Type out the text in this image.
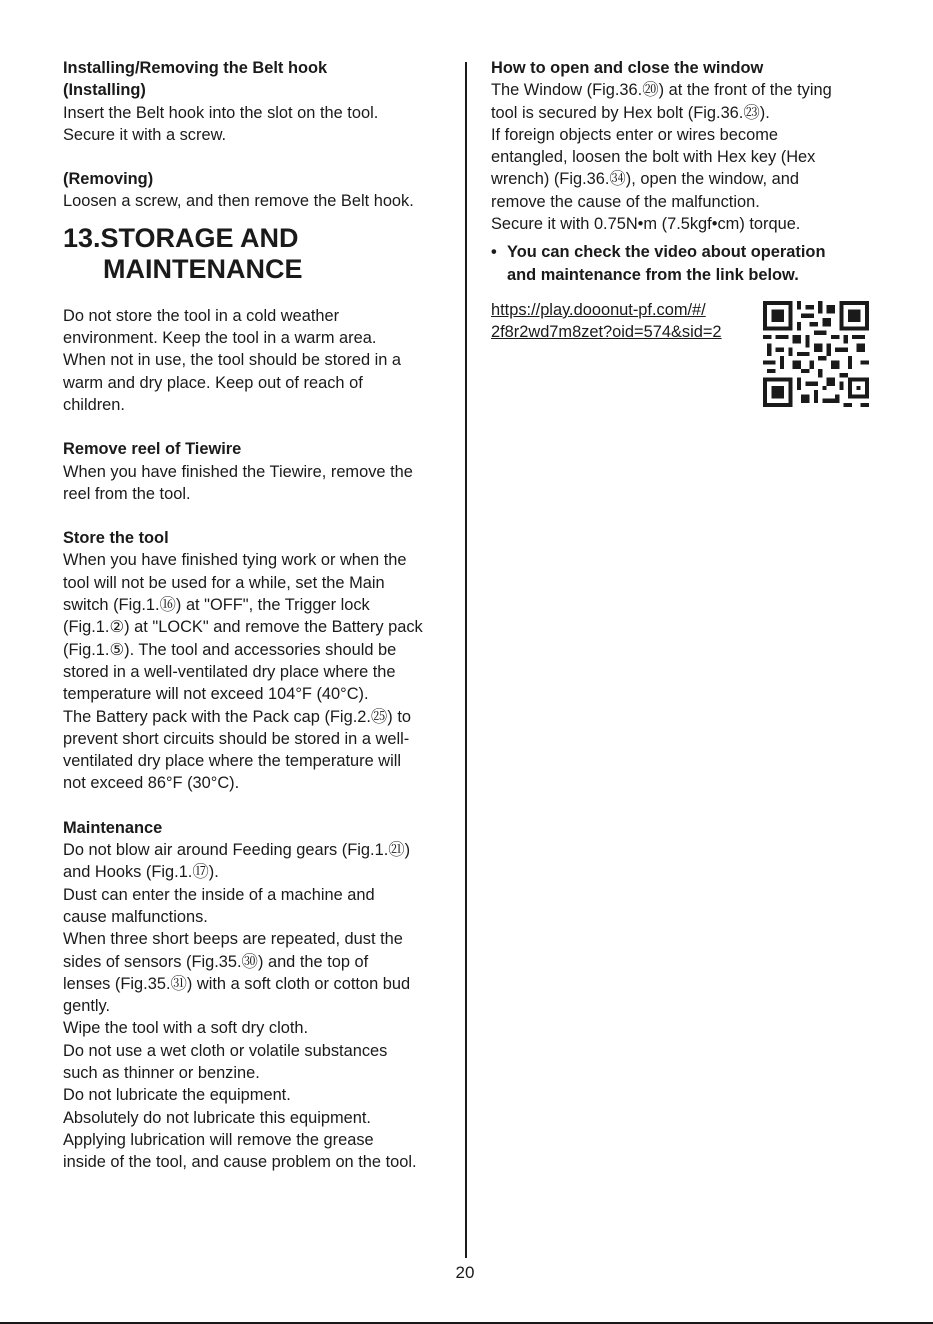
Installing/Removing the Belt hook

(Installing)

Insert the Belt hook into the slot on the tool.

Secure it with a screw.

(Removing)

Loosen a screw, and then remove the Belt hook.

13.STORAGE AND
MAINTENANCE

Do not store the tool in a cold weather

environment. Keep the tool in a warm area.

When not in use, the tool should be stored in a

warm and dry place. Keep out of reach of

children.

Remove reel of Tiewire

When you have finished the Tiewire, remove the

reel from the tool.

Store the tool

When you have finished tying work or when the

tool will not be used for a while, set the Main

switch (Fig.1.⑯) at "OFF", the Trigger lock

(Fig.1.②) at "LOCK" and remove the Battery pack

(Fig.1.⑤). The tool and accessories should be

stored in a well-ventilated dry place where the

temperature will not exceed 104°F (40°C).

The Battery pack with the Pack cap (Fig.2.㉕) to

prevent short circuits should be stored in a well-

ventilated dry place where the temperature will

not exceed 86°F (30°C).

Maintenance

Do not blow air around Feeding gears (Fig.1.㉑)

and Hooks (Fig.1.⑰).

Dust can enter the inside of a machine and

cause malfunctions.

When three short beeps are repeated, dust the

sides of sensors (Fig.35.㉚) and the top of

lenses (Fig.35.㉛) with a soft cloth or cotton bud

gently.

Wipe the tool with a soft dry cloth.

Do not use a wet cloth or volatile substances

such as thinner or benzine.

Do not lubricate the equipment.

Absolutely do not lubricate this equipment.

Applying lubrication will remove the grease

inside of the tool, and cause problem on the tool.

How to open and close the window

The Window (Fig.36.⑳) at the front of the tying

tool is secured by Hex bolt (Fig.36.㉓).

If foreign objects enter or wires become

entangled, loosen the bolt with Hex key (Hex

wrench) (Fig.36.㉞), open the window, and

remove the cause of the malfunction.

Secure it with 0.75N•m (7.5kgf•cm) torque.

• You can check the video about operation
and maintenance from the link below.
https://play.dooonut-pf.com/#/
2f8r2wd7m8zet?oid=574&sid=2
20
